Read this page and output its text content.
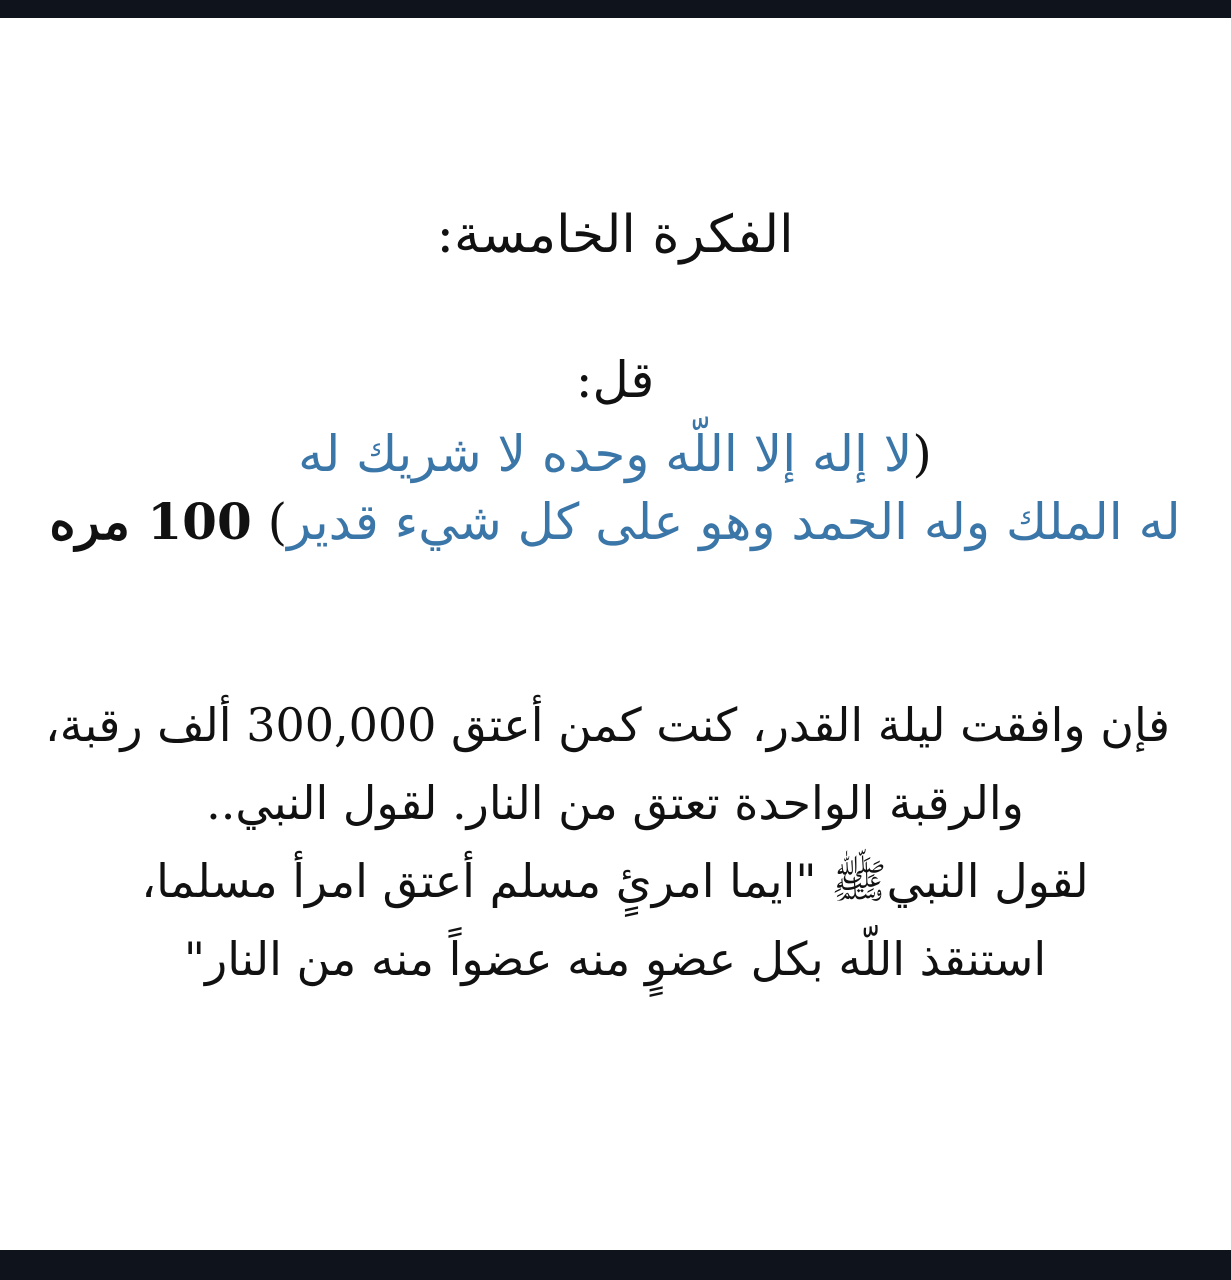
الفكرة الخامسة:
قل:

(لا إله إلا اللّه وحده لا شريك له
له الملك وله الحمد وهو على كل شيء قدير) 100 مره

فإن وافقت ليلة القدر، كنت كمن أعتق 300,000 ألف رقبة،
والرقبة الواحدة تعتق من النار. لقول النبي..
لقول النبيﷺ "ايما امرئٍ مسلم أعتق امرأ مسلما،
استنقذ اللّه بكل عضوٍ منه عضواً منه من النار"
